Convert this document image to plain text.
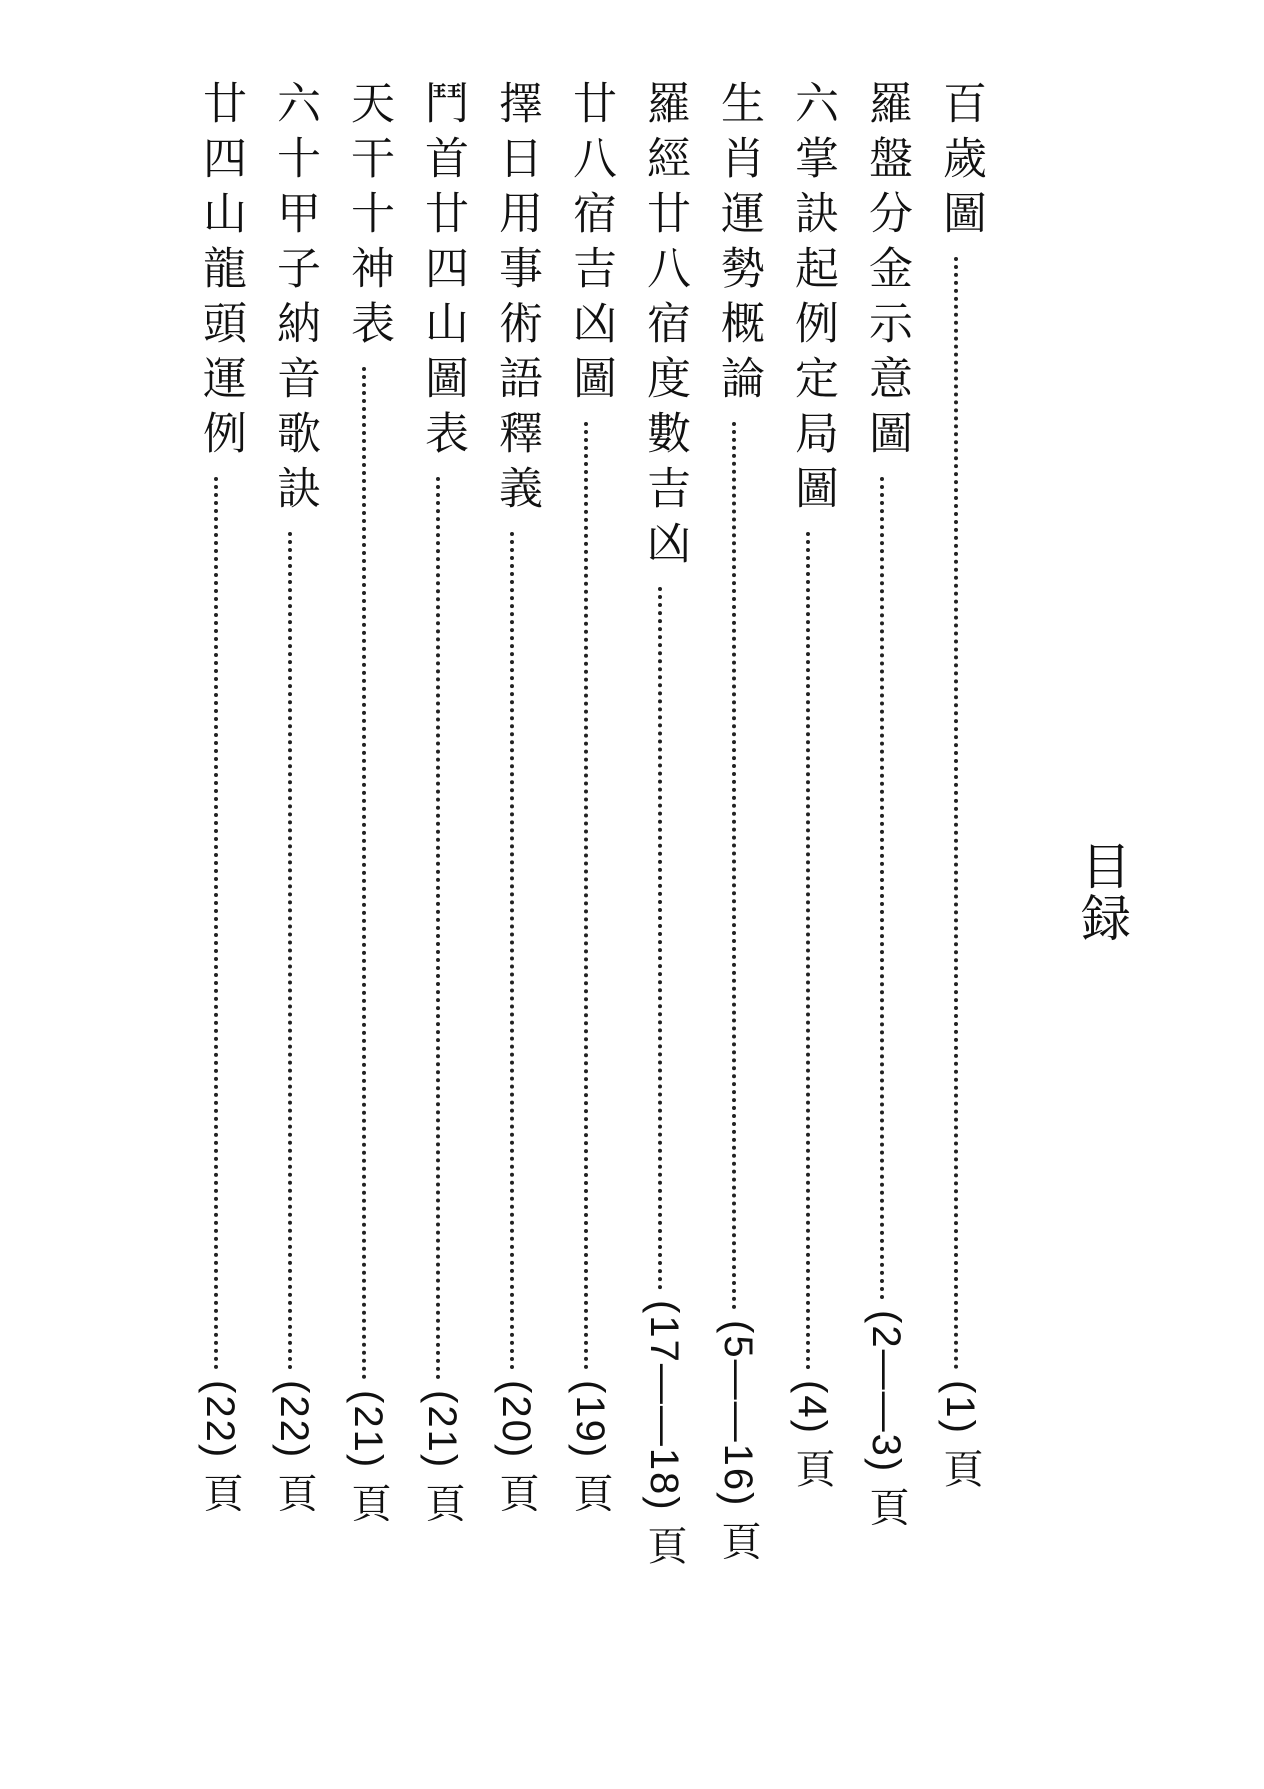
目録
百歲圖
(1) 頁
羅盤分金示意圖
(2——3) 頁
六掌訣起例定局圖
(4) 頁
生肖運勢概論
(5——16) 頁
羅經廿八宿度數吉凶
(17——18) 頁
廿八宿吉凶圖
(19) 頁
擇日用事術語釋義
(20) 頁
鬥首廿四山圖表
(21) 頁
天干十神表
(21) 頁
六十甲子納音歌訣
(22) 頁
廿四山龍頭運例
(22) 頁
